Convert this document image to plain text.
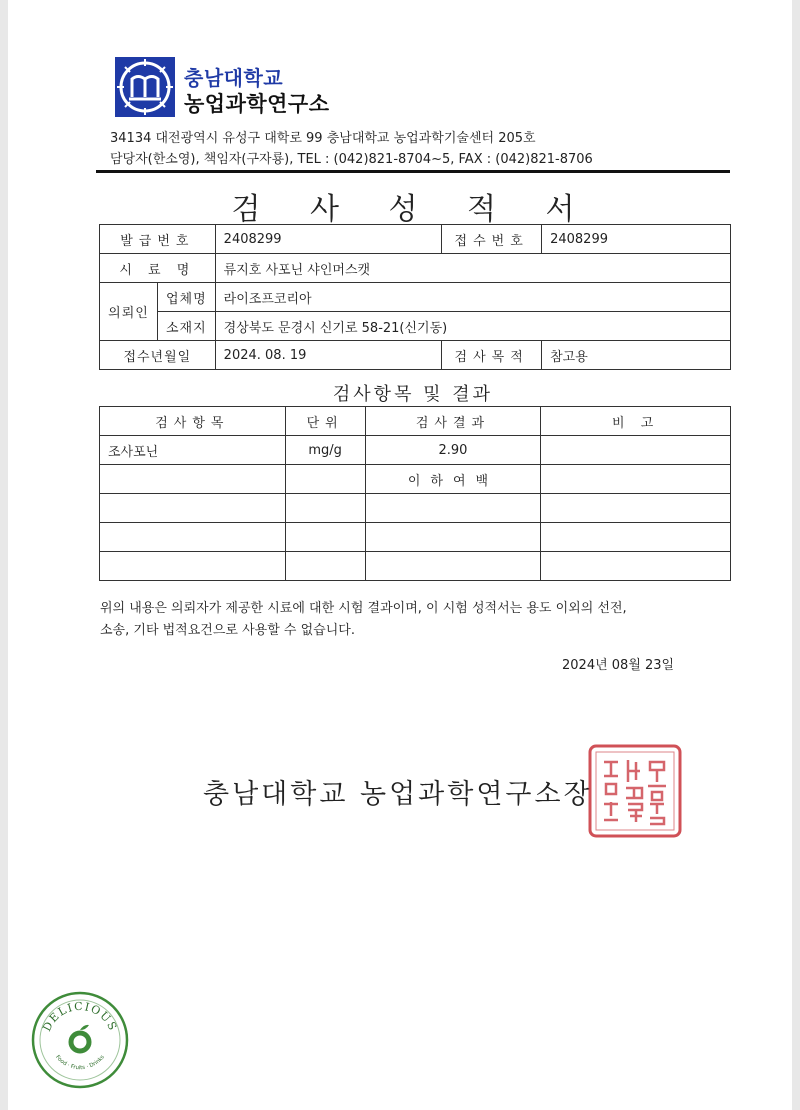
충남대학교
농업과학연구소
34134 대전광역시 유성구 대학로 99 충남대학교 농업과학기술센터 205호
담당자(한소영), 책임자(구자룡), TEL : (042)821-8704~5, FAX : (042)821-8706
검 사 성 적 서
발급번호		2408299	접수번호	2408299
시 료 명		류지호 사포닌 샤인머스캣		
의뢰인	업체명	라이조프코리아		
	소재지	경상북도 문경시 신기로 58-21(신기동)		
접수년월일		2024. 08. 19	검사목적	참고용
검사항목 및 결과
검사항목	단위	검사결과	비 고
조사포닌	mg/g	2.90	
		이하여백	

위의 내용은 의뢰자가 제공한 시료에 대한 시험 결과이며, 이 시험 성적서는 용도 이외의 선전,
소송, 기타 법적요건으로 사용할 수 없습니다.
2024년 08월 23일
충남대학교 농업과학연구소장
DELICIOUS
Food · Fruits · Drinks
